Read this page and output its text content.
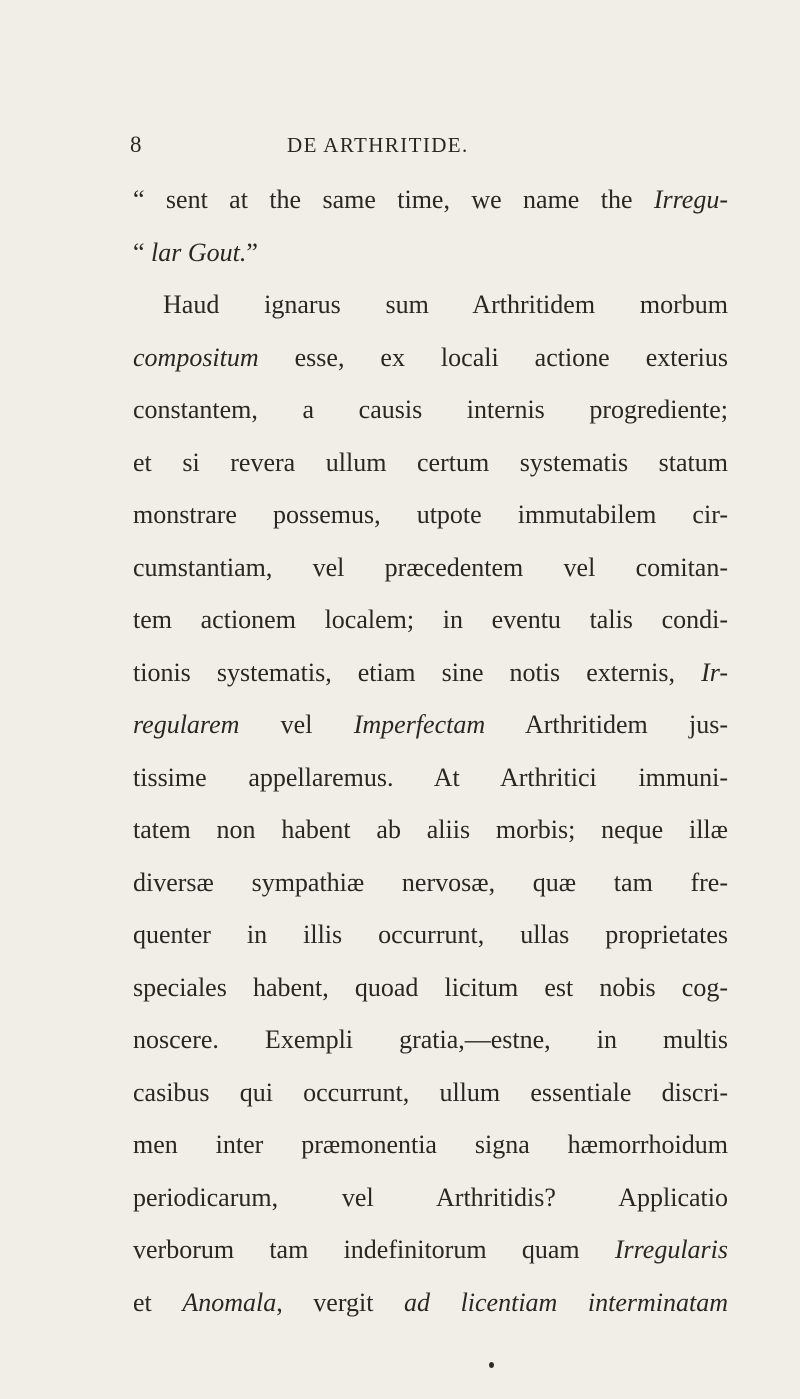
8	DE ARTHRITIDE.
“ sent at the same time, we name the Irregu-
“ lar Gout.”
Haud ignarus sum Arthritidem morbum
compositum esse, ex locali actione exterius
constantem, a causis internis progrediente;
et si revera ullum certum systematis statum
monstrare possemus, utpote immutabilem cir-
cumstantiam, vel præcedentem vel comitan-
tem actionem localem; in eventu talis condi-
tionis systematis, etiam sine notis externis, Ir-
regularem vel Imperfectam Arthritidem jus-
tissime appellaremus. At Arthritici immuni-
tatem non habent ab aliis morbis; neque illæ
diversæ sympathiæ nervosæ, quæ tam fre-
quenter in illis occurrunt, ullas proprietates
speciales habent, quoad licitum est nobis cog-
noscere. Exempli gratia,—estne, in multis
casibus qui occurrunt, ullum essentiale discri-
men inter præmonentia signa hæmorrhoidum
periodicarum, vel Arthritidis? Applicatio
verborum tam indefinitorum quam Irregularis
et Anomala, vergit ad licentiam interminatam
